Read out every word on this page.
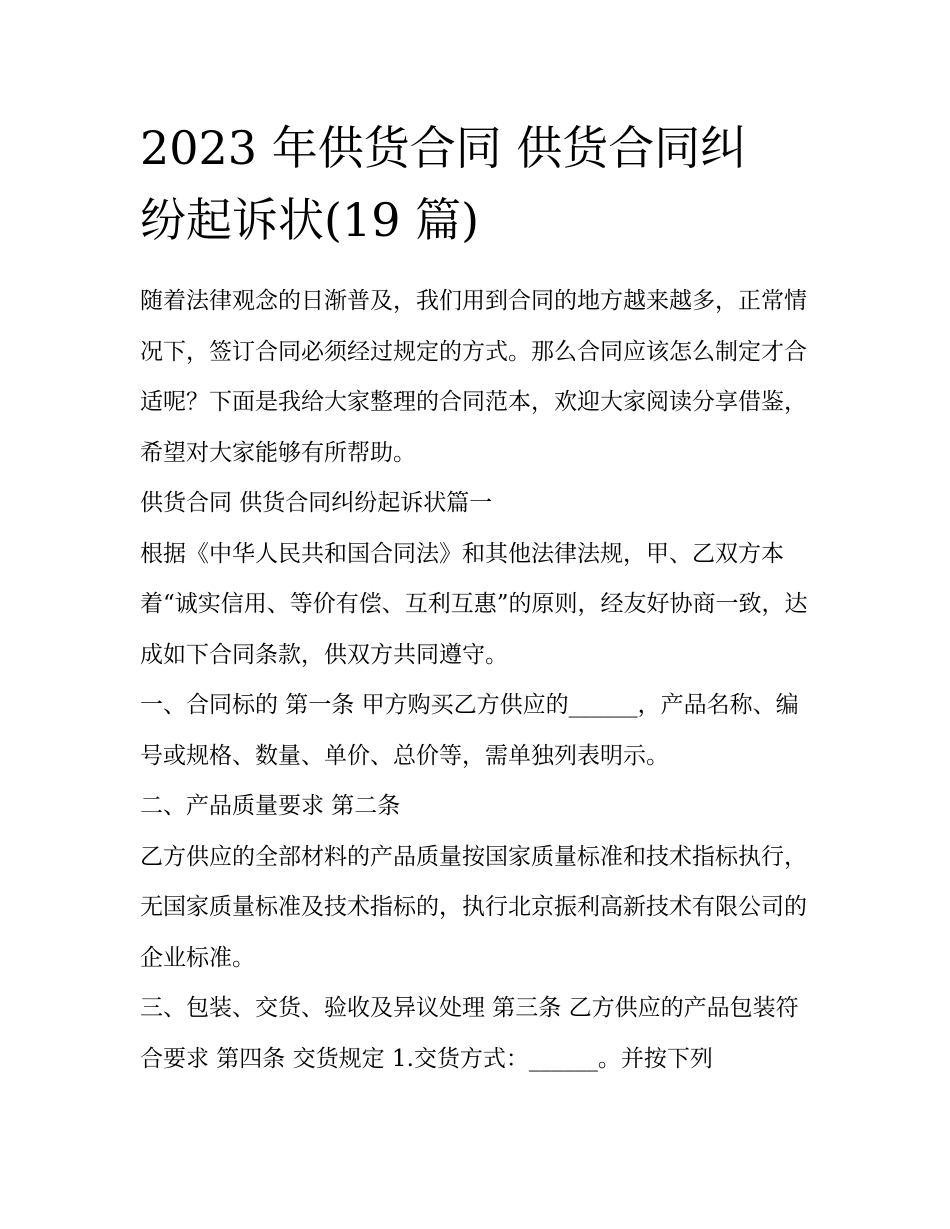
2023 年供货合同 供货合同纠
纷起诉状(19 篇)

随着法律观念的日渐普及，我们用到合同的地方越来越多，正常情况下，签订合同必须经过规定的方式。那么合同应该怎么制定才合适呢？下面是我给大家整理的合同范本，欢迎大家阅读分享借鉴，希望对大家能够有所帮助。

供货合同 供货合同纠纷起诉状篇一

根据《中华人民共和国合同法》和其他法律法规，甲、乙双方本着“诚实信用、等价有偿、互利互惠”的原则，经友好协商一致，达成如下合同条款，供双方共同遵守。

一、合同标的 第一条 甲方购买乙方供应的______，产品名称、编号或规格、数量、单价、总价等，需单独列表明示。

二、产品质量要求 第二条

乙方供应的全部材料的产品质量按国家质量标准和技术指标执行，无国家质量标准及技术指标的，执行北京振利高新技术有限公司的企业标准。

三、包装、交货、验收及异议处理 第三条 乙方供应的产品包装符合要求 第四条 交货规定 1.交货方式：______。并按下列
